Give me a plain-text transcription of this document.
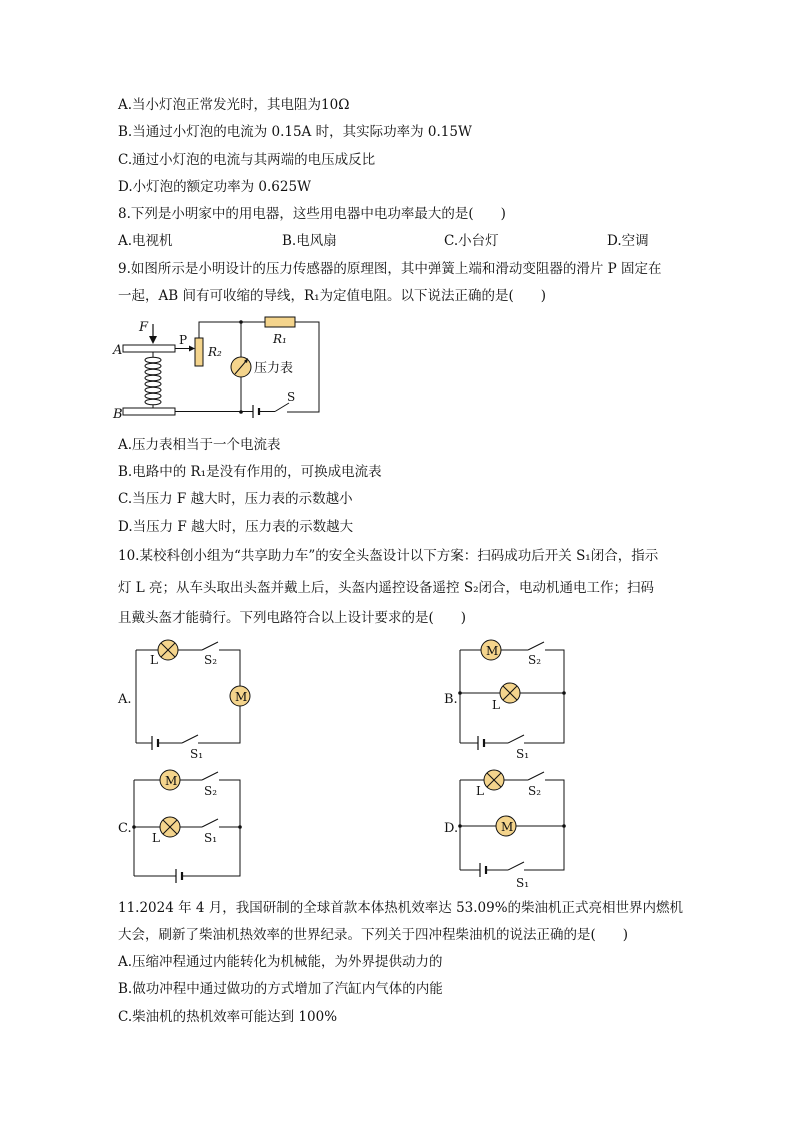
A.当小灯泡正常发光时，其电阻为10Ω
B.当通过小灯泡的电流为 0.15A 时，其实际功率为 0.15W
C.通过小灯泡的电流与其两端的电压成反比
D.小灯泡的额定功率为 0.625W
8.下列是小明家中的用电器，这些用电器中电功率最大的是(　　)
A.电视机	B.电风扇	C.小台灯	D.空调
9.如图所示是小明设计的压力传感器的原理图，其中弹簧上端和滑动变阻器的滑片 P 固定在
一起，AB 间有可收缩的导线，R₁为定值电阻。以下说法正确的是(　　)
F
A
B
P
R₂
R₁
压力表
S
A.压力表相当于一个电流表
B.电路中的 R₁是没有作用的，可换成电流表
C.当压力 F 越大时，压力表的示数越小
D.当压力 F 越大时，压力表的示数越大
10.某校科创小组为“共享助力车”的安全头盔设计以下方案：扫码成功后开关 S₁闭合，指示
灯 L 亮；从车头取出头盔并戴上后，头盔内遥控设备遥控 S₂闭合，电动机通电工作；扫码
且戴头盔才能骑行。下列电路符合以上设计要求的是(　　)
A.	M
L	S₂
S₁
B.
M
S₂
L
S₁
C.
M
S₂
L	S₁
D.	M
L	S₂
S₁
11.2024 年 4 月，我国研制的全球首款本体热机效率达 53.09%的柴油机正式亮相世界内燃机
大会，刷新了柴油机热效率的世界纪录。下列关于四冲程柴油机的说法正确的是(　　)
A.压缩冲程通过内能转化为机械能，为外界提供动力的
B.做功冲程中通过做功的方式增加了汽缸内气体的内能
C.柴油机的热机效率可能达到 100%
